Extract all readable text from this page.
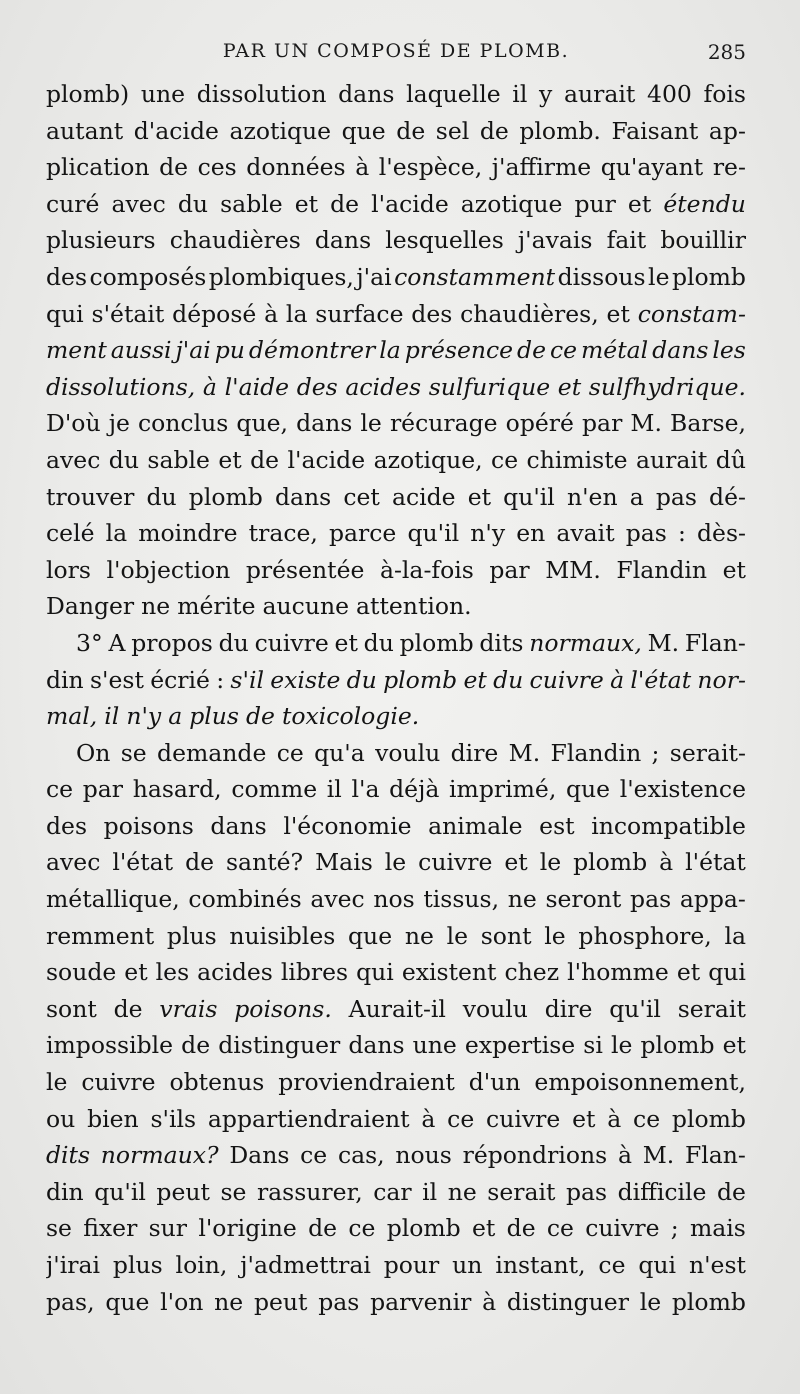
PAR UN COMPOSÉ DE PLOMB.	285
plomb) une dissolution dans laquelle il y aurait 400 fois
autant d'acide azotique que de sel de plomb. Faisant ap-
plication de ces données à l'espèce, j'affirme qu'ayant re-
curé avec du sable et de l'acide azotique pur et étendu
plusieurs chaudières dans lesquelles j'avais fait bouillir
des composés plombiques, j'ai constamment dissous le plomb
qui s'était déposé à la surface des chaudières, et constam-
ment aussi j'ai pu démontrer la présence de ce métal dans les
dissolutions, à l'aide des acides sulfurique et sulfhydrique.
D'où je conclus que, dans le récurage opéré par M. Barse,
avec du sable et de l'acide azotique, ce chimiste aurait dû
trouver du plomb dans cet acide et qu'il n'en a pas dé-
celé la moindre trace, parce qu'il n'y en avait pas : dès-
lors l'objection présentée à-la-fois par MM. Flandin et
Danger ne mérite aucune attention.
3° A propos du cuivre et du plomb dits normaux, M. Flan-
din s'est écrié : s'il existe du plomb et du cuivre à l'état nor-
mal, il n'y a plus de toxicologie.
On se demande ce qu'a voulu dire M. Flandin ; serait-
ce par hasard, comme il l'a déjà imprimé, que l'existence
des poisons dans l'économie animale est incompatible
avec l'état de santé? Mais le cuivre et le plomb à l'état
métallique, combinés avec nos tissus, ne seront pas appa-
remment plus nuisibles que ne le sont le phosphore, la
soude et les acides libres qui existent chez l'homme et qui
sont de vrais poisons. Aurait-il voulu dire qu'il serait
impossible de distinguer dans une expertise si le plomb et
le cuivre obtenus proviendraient d'un empoisonnement,
ou bien s'ils appartiendraient à ce cuivre et à ce plomb
dits normaux? Dans ce cas, nous répondrions à M. Flan-
din qu'il peut se rassurer, car il ne serait pas difficile de
se fixer sur l'origine de ce plomb et de ce cuivre ; mais
j'irai plus loin, j'admettrai pour un instant, ce qui n'est
pas, que l'on ne peut pas parvenir à distinguer le plomb
